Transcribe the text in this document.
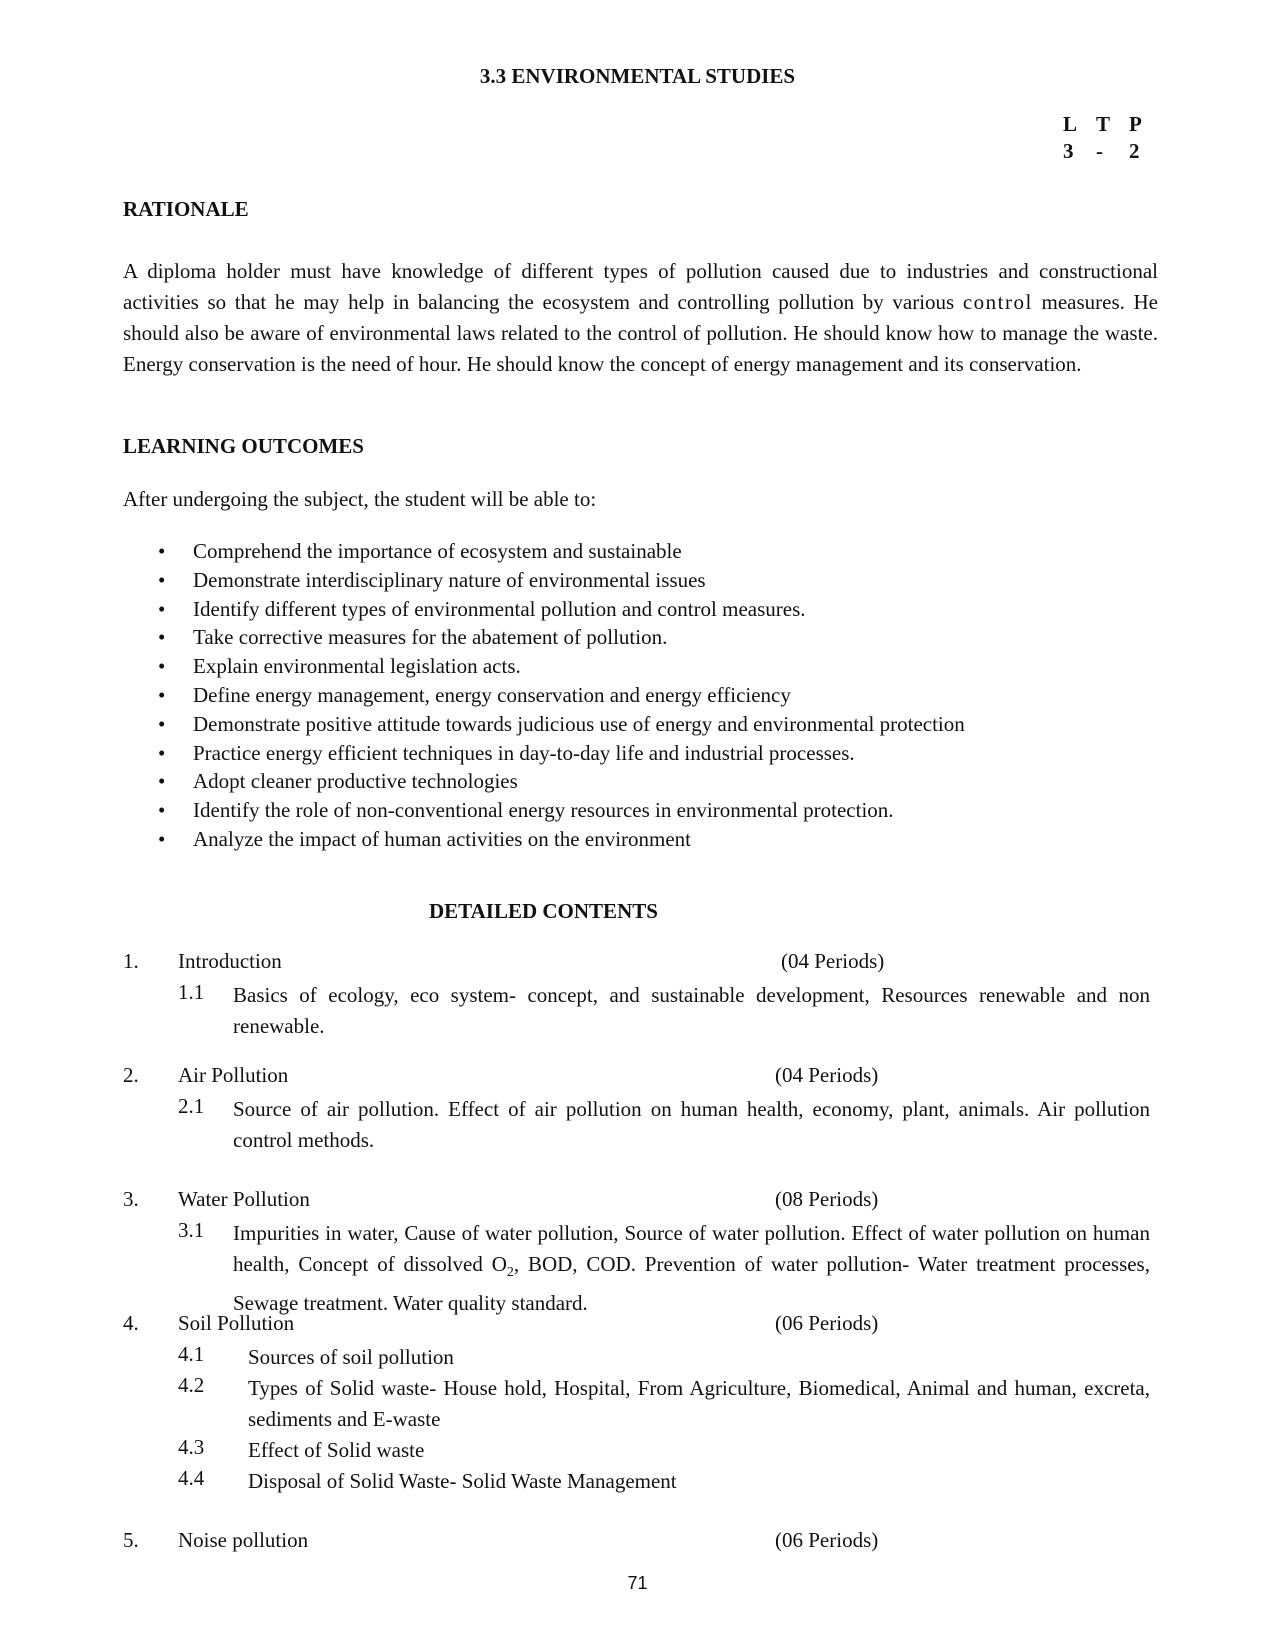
3.3 ENVIRONMENTAL STUDIES
L T P
3 - 2
RATIONALE

A diploma holder must have knowledge of different types of pollution caused due to industries and constructional activities so that he may help in balancing the ecosystem and controlling pollution by various control measures. He should also be aware of environmental laws related to the control of pollution. He should know how to manage the waste. Energy conservation is the need of hour. He should know the concept of energy management and its conservation.

LEARNING OUTCOMES
After undergoing the subject, the student will be able to:
• Comprehend the importance of ecosystem and sustainable
• Demonstrate interdisciplinary nature of environmental issues
• Identify different types of environmental pollution and control measures.
• Take corrective measures for the abatement of pollution.
• Explain environmental legislation acts.
• Define energy management, energy conservation and energy efficiency
• Demonstrate positive attitude towards judicious use of energy and environmental protection
• Practice energy efficient techniques in day-to-day life and industrial processes.
• Adopt cleaner productive technologies
• Identify the role of non-conventional energy resources in environmental protection.
• Analyze the impact of human activities on the environment
DETAILED CONTENTS
1. Introduction	(04 Periods)
1.1 Basics of ecology, eco system- concept, and sustainable development, Resources renewable and non renewable.

2. Air Pollution	(04 Periods)
2.1 Source of air pollution. Effect of air pollution on human health, economy, plant, animals. Air pollution control methods.

3. Water Pollution	(08 Periods)
3.1 Impurities in water, Cause of water pollution, Source of water pollution. Effect of water pollution on human health, Concept of dissolved $O_2$, BOD, COD. Prevention of water pollution- Water treatment processes, Sewage treatment. Water quality standard.

4. Soil Pollution	(06 Periods)
4.1 Sources of soil pollution

4.2 Types of Solid waste- House hold, Hospital, From Agriculture, Biomedical, Animal and human, excreta, sediments and E-waste

4.3 Effect of Solid waste

4.4 Disposal of Solid Waste- Solid Waste Management

5. Noise pollution	(06 Periods)
71
